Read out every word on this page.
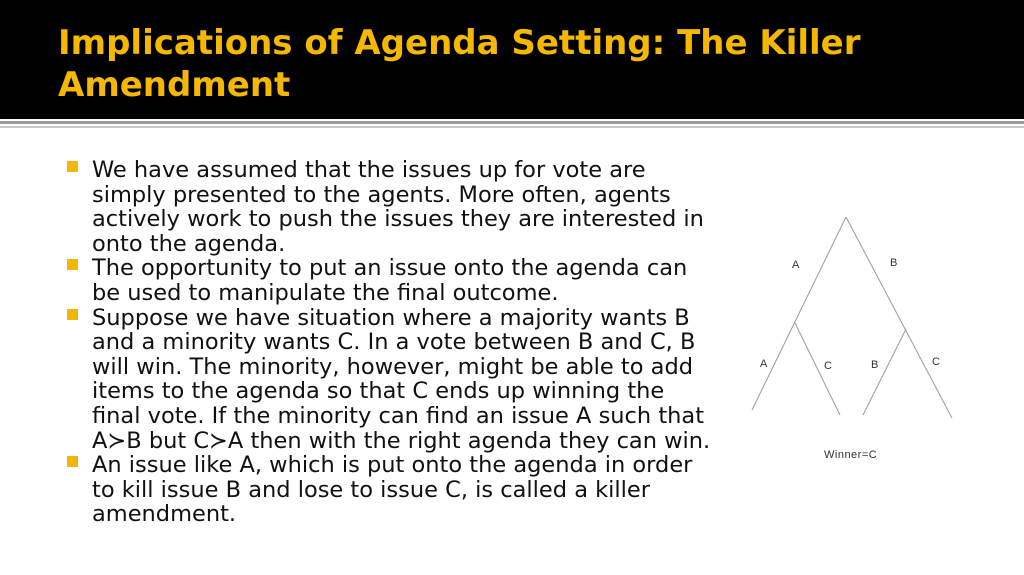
Implications of Agenda Setting: The Killer Amendment
We have assumed that the issues up for vote are simply presented to the agents. More often, agents actively work to push the issues they are interested in onto the agenda.
The opportunity to put an issue onto the agenda can be used to manipulate the final outcome.
Suppose we have situation where a majority wants B and a minority wants C. In a vote between B and C, B will win. The minority, however, might be able to add items to the agenda so that C ends up winning the final vote. If the minority can find an issue A such that A≻B but C≻A then with the right agenda they can win.
An issue like A, which is put onto the agenda in order to kill issue B and lose to issue C, is called a killer amendment.
A	B
A	C	B	C
Winner=C
